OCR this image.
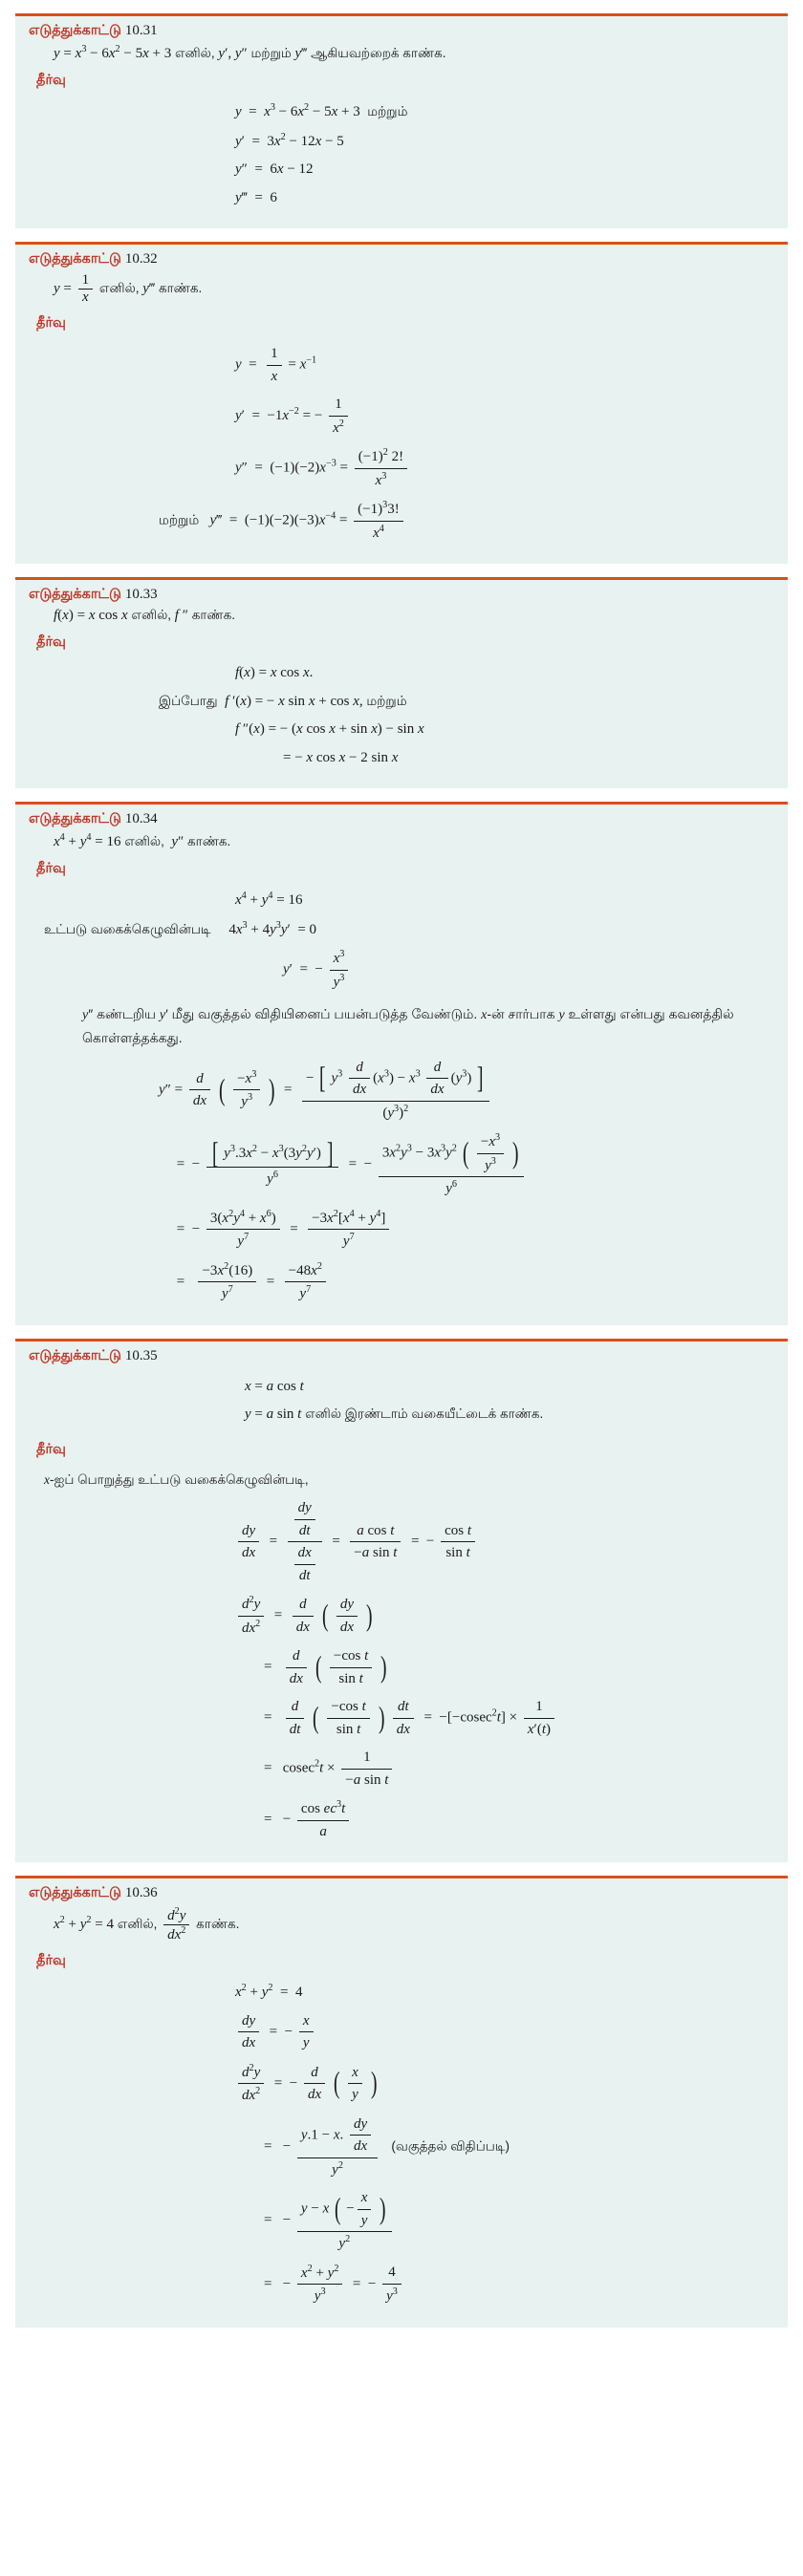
எடுத்துக்காட்டு 10.31
$y = x^3 - 6x^2 - 5x + 3$ எனில், y′, y″ மற்றும் y‴ ஆகியவற்றைக் காண்க.
தீர்வு
$y = x^3 - 6x^2 - 5x + 3$  மற்றும்
$y' = 3x^2 - 12x - 5$
y″  =  6x − 12
y‴  =  6
எடுத்துக்காட்டு 10.32
$y = \frac{1}{x}$ எனில், y‴ காண்க.
தீர்வு
$y = \frac{1}{x} = x^{-1}$
$y' = -1x^{-2}$ = − $\frac{1}{x^2}$
$y'' = (-1)(-2)x^{-3} = \frac{(-1)^2 2!}{x^3}$
மற்றும் y‴  =  $(-1)(-2)(-3)x^{-4} = \frac{(-1)^33!}{x^4}$
எடுத்துக்காட்டு 10.33
f(x) = x cos x எனில், f ″ காண்க.
தீர்வு
f(x) = x cos x.
இப்போது f ′(x) = − x sin x + cos x, மற்றும்
f ″(x) = − (x cos x + sin x) − sin x
= − x cos x − 2 sin x
எடுத்துக்காட்டு 10.34
$x^4 + y^4 = 16$ எனில், y″ காண்க.
தீர்வு
$x^4 + y^4 = 16$
உட்படு வகைக்கெழுவின்படி     $4x^3 + 4y^3y' = 0$
y′  =  − $\frac{x^3}{y^3}$
y″ கண்டறிய y′ மீது வகுத்தல் விதியினைப் பயன்படுத்த வேண்டும். x-ன் சார்பாக y உள்ளது என்பது கவனத்தில் கொள்ளத்தக்கது.
$y'' = \frac{d}{dx}$ ( $\frac{-x^3}{y^3}$ )  =
− [ $y^3 \frac{d}{dx} (x^3) - x^3 \frac{d}{dx} (y^3)$ ]
$(y^3)^2$
=  − $\frac{[ y^3.3x^2 - x^3(3y^2y') ]}{y^6}$ =  − $\frac{3x^2y^3 - 3x^3y^2 ( \frac{-x^3}{y^3} )}{y^6}$
=  − $\frac{3(x^2y^4 + x^6)}{y^7} = \frac{-3x^2[x^4 + y^4]}{y^7}$
= $\frac{-3x^2(16)}{y^7} = \frac{-48x^2}{y^7}$
எடுத்துக்காட்டு 10.35
x = a cos t
y = a sin t எனில் இரண்டாம் வகையீட்டைக் காண்க.
தீர்வு
x-ஐப் பொறுத்து உட்படு வகைக்கெழுவின்படி,
$\frac{dy}{dx} = \frac{\frac{dy}{dt}}{\frac{dx}{dt}} = \frac{\text{a cos t}}{\text{−a sin t}}$ =  − $\frac{\text{cos t}}{\text{sin t}}$
$\frac{d^2y}{dx^2} = \frac{d}{dx}$ ( $\frac{dy}{dx}$ )
= $\frac{d}{dx}$ ( $\frac{\text{−cos t}}{\text{sin t}}$ )
= $\frac{d}{dt}$ ( $\frac{\text{−cos t}}{\text{sin t}}$ ) $\frac{dt}{dx} = -[-cosec^2t] \times \frac{1}{x'(t)}$
=   $cosec^2t \times \frac{1}{\text{−a sin t}}$
=   − $\frac{\cos ec^3t}{a}$
எடுத்துக்காட்டு 10.36
$x^2 + y^2 = 4$ எனில், $\frac{d^2y}{dx^2}$ காண்க.
தீர்வு
$x^2 + y^2 = 4$
$\frac{dy}{dx}$ =  − $\frac{x}{y}$
$\frac{d^2y}{dx^2}$ =  − $\frac{d}{dx}$ ( $\frac{x}{y}$ )
=   − $\frac{y.1 - x. \frac{dy}{dx}}{y^2}$ (வகுத்தல் விதிப்படி)
=   − $\frac{y - x ( - \frac{x}{y} )}{y^2}$
=   − $\frac{x^2 + y^2}{y^3}$ =  − $\frac{4}{y^3}$
